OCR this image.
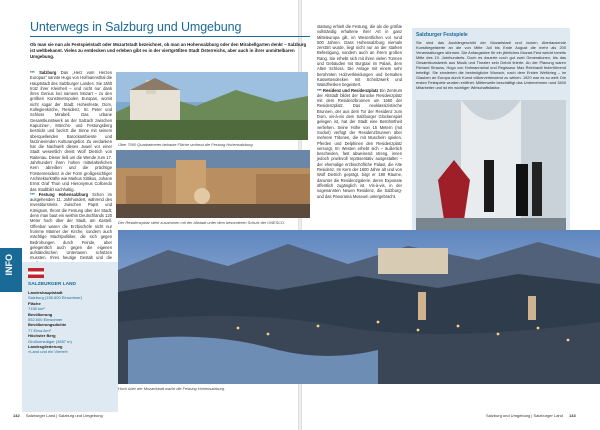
Unterwegs in Salzburg und Umgebung
Ob man sie nun als Festspielstadt oder Mozartstadt bezeichnet, ob man an Hohensalzburg oder den Mirabellgarten denkt – Salzburg ist weltbekannt. Vieles zu entdecken und erleben gibt es in der viertgrößten Stadt Österreichs, aber auch in ihrer unmittelbaren Umgebung.
*** Salzburg Das „Herz vom Herzen Europas“ nannte Hugo von Hofmannsthal die Hauptstadt des Salzburger Landes. Sie zählt trotz ihrer Kleinheit – und nicht nur dank ihres Genius loci namens Mozart – zu den größten Kunstmetropolen Europas, womit nicht sogar der Stadt, Hohenfeste, Dom, Kollegienkirche, Residenz, St. Peter und Schloss Mirabell. Das urbane Gesamtkunstwerk an der Salzach zwischen Kapuziner-, Mönchs- und Festungsberg bestrickt und bezirzt die Sinne mit seinem überquellenden Barockambiente und faszinierenden Kulturangebot. Zu verdanken hat die Nachwelt dieses Juwel vor einer Stadt wesentlich dreist Wolf Dietrich von Raitenau. Dieser ließ um die Wende zum 17. Jahrhundert ihren hohen mittelalterlichen Kern abreißen und die prächtige Fürstenresidenz in der Form großgesichtiger Architekturkräfte wie Markus Sittikus, Johann Ernst Graf Thun und Hieronymus Colloredo das Stadtbild nachhaltig.
*** Festung Hohensalzburg Schon im ausgehenden 11. Jahrhundert, während des Investiturstreits zwischen Papst und Königtum, thront die Festung über der Stadt; denn man baut ein weithin Deutschlands 120 Meter hoch über der Stadt, am Kastell. Offenbar waren die Erzbischöfe nicht nur fromme Männer der Kirche, sondern auch mächtige Machtpolitiker, die sich gegen Bedrohungen durch Feinde, aber gelegentlich auch gegen die eigenen aufständischen Untertanen schützen mussten. Ihres heutige Gestalt und die
Über 7000 Quadratmeter bebaute Fläche umfasst die Festung Hohensalzburg.
Der Residenzplatz steht zusammen mit der Altstadt unter dem besonderen Schutz der UNESCO.
stattung erhielt die Festung, die als die größte vollständig erhaltene ihrer Art in ganz Mitteleuropa gilt, im Wesentlichen vor rund 500 Jahren. Dass Hohensalzburg niemals zerstört wurde, liegt nicht nur an der starken Befestigung, sondern auch an ihrem großen Rang. Sie erhebt sich mit ihren vielen Türmen und Gebäuden mit Burgtaxi im Palais, dem Alten Schloss. Die Anlage mit einem sehr berühmten Holzverkleidungen und bemalten Kassettendecken mit Schnitzwerk und Wandfresken begeistert.
*** Residenz und Residenzplatz Ein Zentrum der Altstadt bildet der barocke Residenzplatz mit dem Residenzbrunnen um 1660 der Residenzplatz. Das neoklassizistische Brunnen, der aus dem Tor der Residenz zum Dom, vis-à-vis dem Salzburger Glockenspiel gelegen ist, hat der Stadt eine Berühmtheit verliehen. Seine Höhe von 15 Metern (mit Sockel) verfügt der Residenzbrunnen über mehrere Tritonen, die mit Muscheln spielen, Pferden und Delphinen den Residenzplatz versorgt. Im Westen erhebt sich – äußerlich bescheiden, fast abweisend streng, innen jedoch prunkvoll repräsentativ ausgestaltet – der ehemalige erzbischöfliche Palast, die Alte Residenz. Im Kern der 1600 Jahre alt und von Wolf Dietrich geprägt, birgt er 180 Räume, darunter die Residenzgalerie, deren Exponate öffentlich zugänglich ist. Vis-à-vis, in der sogenannten Neuen Residenz, die Salzburg-und das Panorama Museum untergebracht.
Salzburger Festspiele
Sie sind das Aushängeschild der Mozartstadt und locken Abertausende Kunstbegeisterte an die von Mitte Juli bis Ende August die mehr als 200 Veranstaltungen stürmen. Die Anfangsidee für ein jährliches Mozart-Fest weicht bereits Mitte des 19. Jahrhunderts. Doch es dauerte noch gut zwei Generationen, bis das Gesamtkunstwerk aus Musik und Theater sein Debüt feierte. An der Planung waren Richard Strauss, Hugo von Hofmannsthal und Regisseur Max Reinhardt federführend beteiligt. Sie sinnierten die bestmögliche Wunsch, nach dem Ersten Weltkrieg – im Glauben an Europa durch Kunst völkerverbindend zu wirken. 1920 war es so weit: Die ersten Festspiele wurden eröffnet. Mittlerweile beschäftigt das Unternehmen rund 3400 Mitarbeiter und ist ein wichtiger Wirtschaftsfaktor.
Hoch über der Mozartstadt wacht die Festung Hohensalzburg.
INFO
SALZBURGER LAND
Landeshauptstadt
Salzburg (155.600 Einwohner)
Fläche
7155 km²
Bevölkerung
552.600 Einwohner
Bevölkerungsdichte
77 Einw./km²
Höchster Berg
Großvenediger (3657 m)
Landesgliederung
»Land und ein Viertel«
142 Salzburger Land | Salzburg und Umgebung	Salzburg und Umgebung | Salzburger Land 143
